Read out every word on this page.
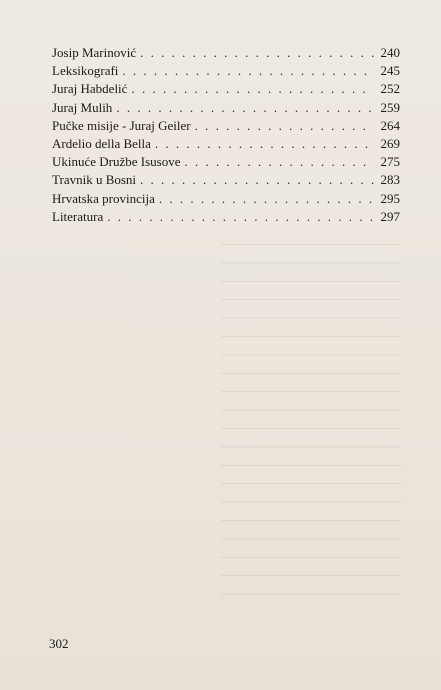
Josip Marinović . . .	240
Leksikografi . . .	245
Juraj Habdelić . . .	252
Juraj Mulih . . .	259
Pučke misije - Juraj Geiler . . .	264
Ardelio della Bella . . .	269
Ukinuće Družbe Isusove . . .	275
Travnik u Bosni . . .	283
Hrvatska provincija . . .	295
Literatura . . .	297
302
